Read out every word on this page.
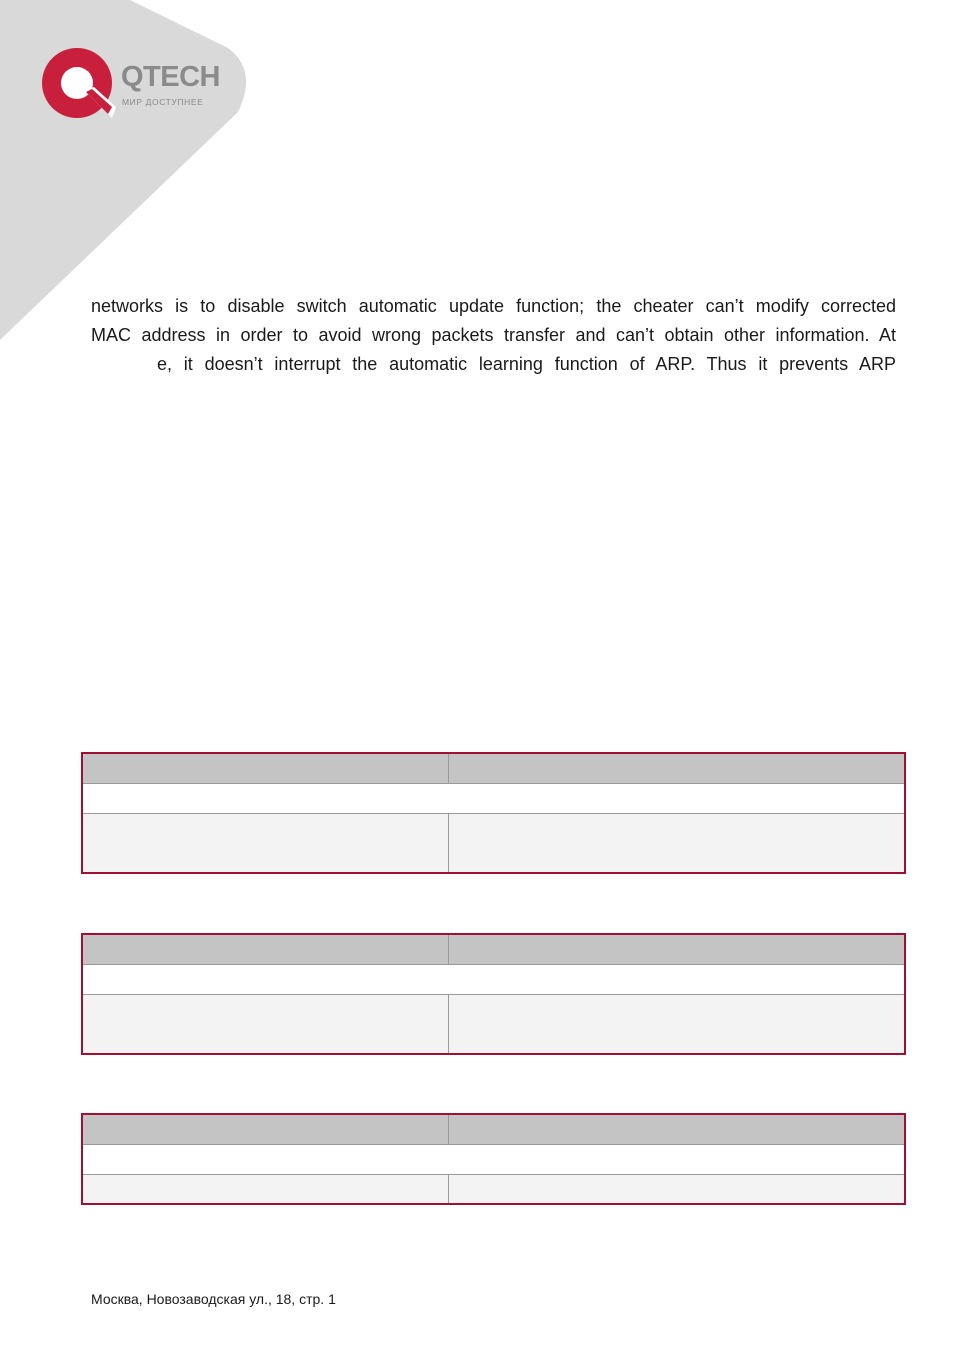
QTECH
МИР ДОСТУПНЕЕ
networks is to disable switch automatic update function; the cheater can’t modify corrected
MAC address in order to avoid wrong packets transfer and can’t obtain other information. At
e, it doesn’t interrupt the automatic learning function of ARP. Thus it prevents ARP

Москва, Новозаводская ул., 18, стр. 1
